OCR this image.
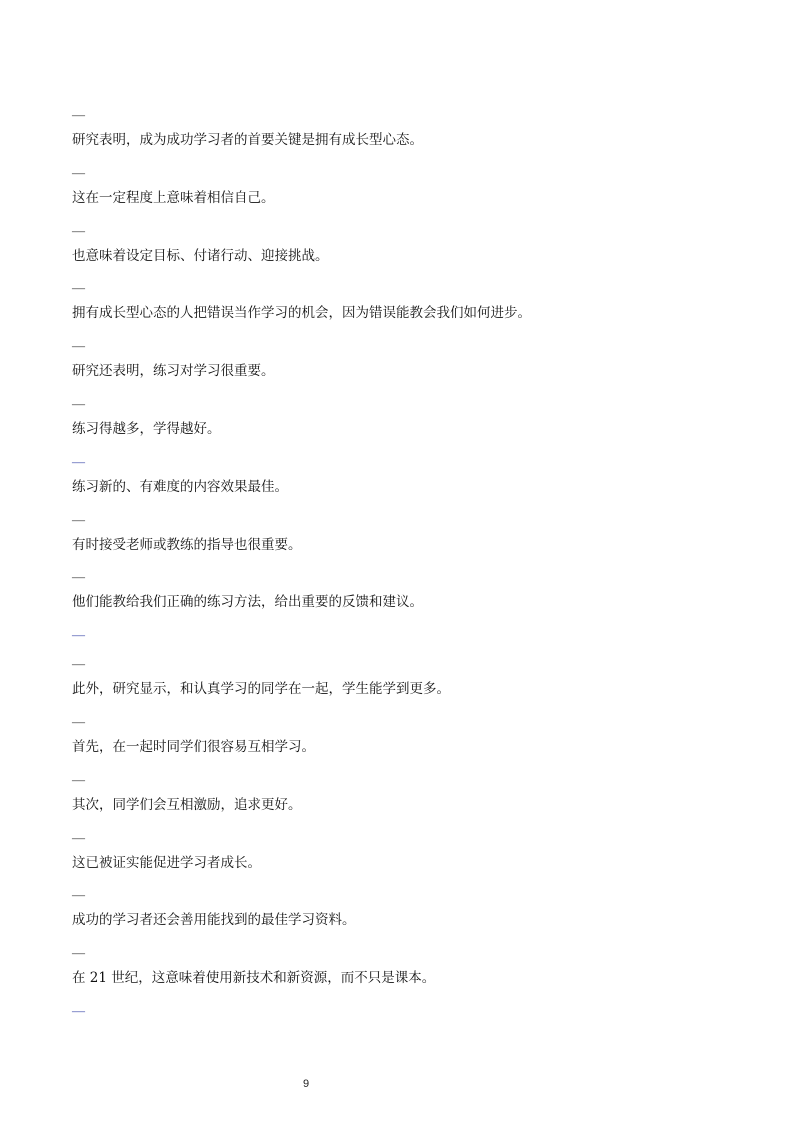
—
研究表明，成为成功学习者的首要关键是拥有成长型心态。
—
这在一定程度上意味着相信自己。
—
也意味着设定目标、付诸行动、迎接挑战。
—
拥有成长型心态的人把错误当作学习的机会，因为错误能教会我们如何进步。
—
研究还表明，练习对学习很重要。
—
练习得越多，学得越好。
—
练习新的、有难度的内容效果最佳。
—
有时接受老师或教练的指导也很重要。
—
他们能教给我们正确的练习方法，给出重要的反馈和建议。
—
—
此外，研究显示，和认真学习的同学在一起，学生能学到更多。
—
首先，在一起时同学们很容易互相学习。
—
其次，同学们会互相激励，追求更好。
—
这已被证实能促进学习者成长。
—
成功的学习者还会善用能找到的最佳学习资料。
—
在 21 世纪，这意味着使用新技术和新资源，而不只是课本。
—
9
